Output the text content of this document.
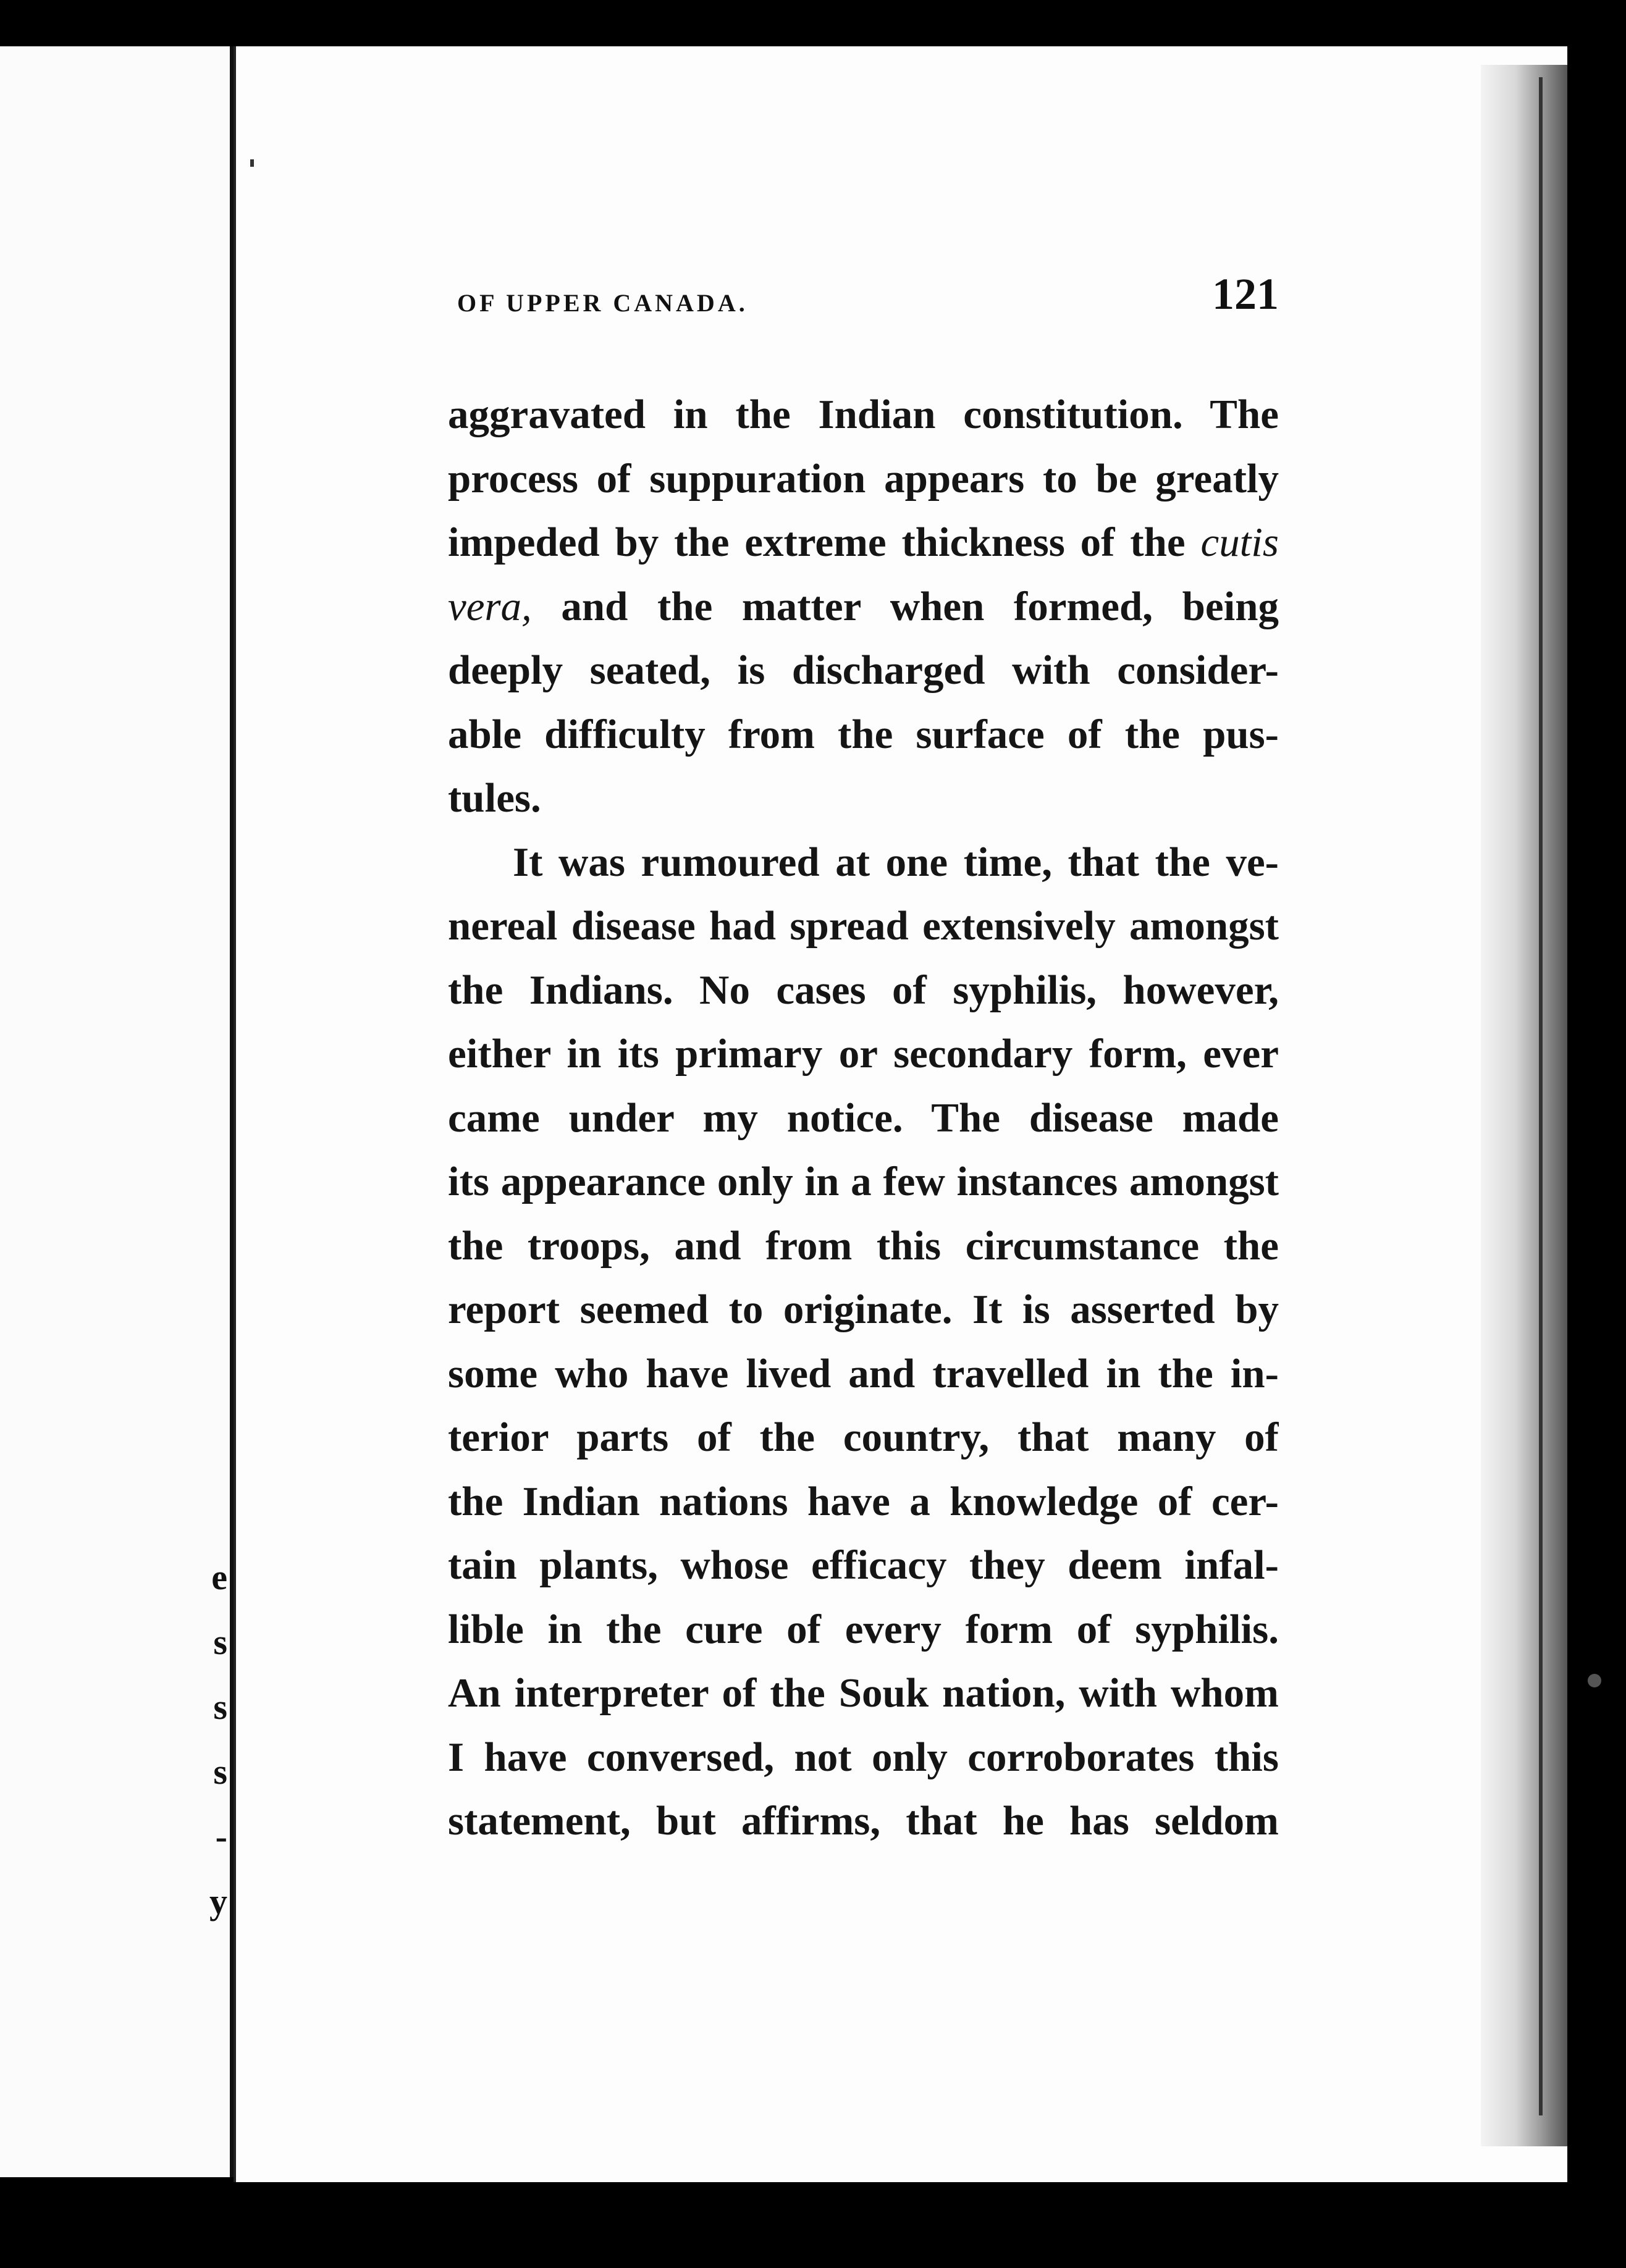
e
s
s
s
-
y
OF UPPER CANADA.	121
aggravated in the Indian constitution. The
process of suppuration appears to be greatly
impeded by the extreme thickness of the cutis
vera, and the matter when formed, being
deeply seated, is discharged with consider-
able difficulty from the surface of the pus-
tules.
It was rumoured at one time, that the ve-
nereal disease had spread extensively amongst
the Indians. No cases of syphilis, however,
either in its primary or secondary form, ever
came under my notice. The disease made
its appearance only in a few instances amongst
the troops, and from this circumstance the
report seemed to originate. It is asserted by
some who have lived and travelled in the in-
terior parts of the country, that many of
the Indian nations have a knowledge of cer-
tain plants, whose efficacy they deem infal-
lible in the cure of every form of syphilis.
An interpreter of the Souk nation, with whom
I have conversed, not only corroborates this
statement, but affirms, that he has seldom
